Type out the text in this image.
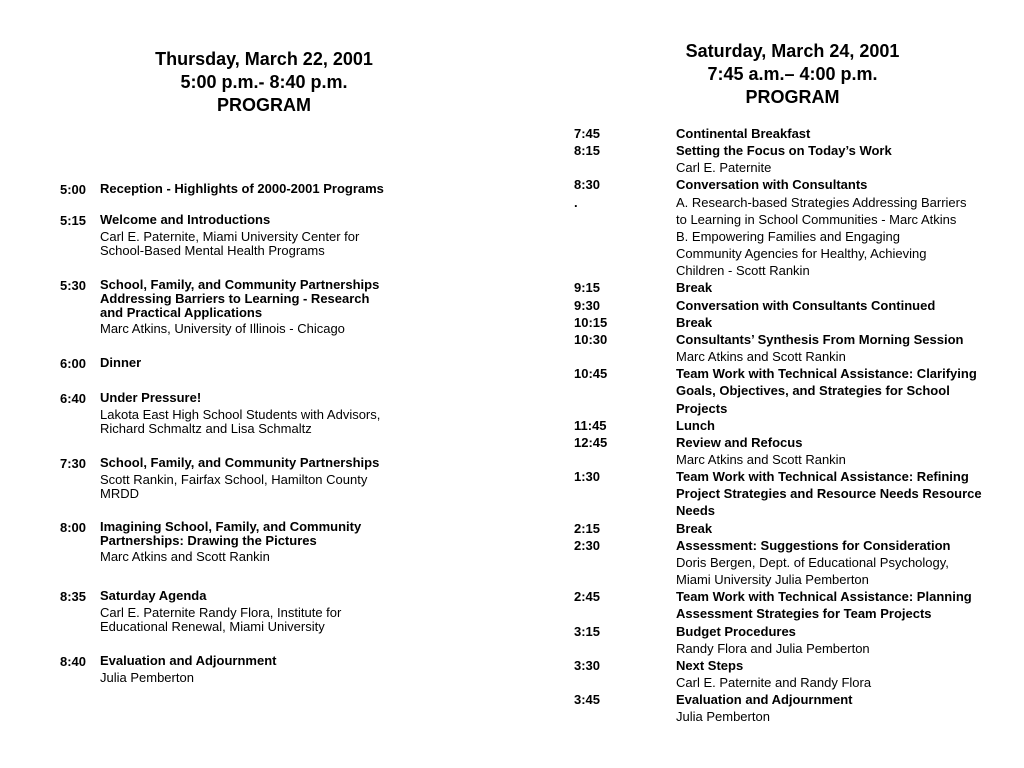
Thursday, March 22, 2001
5:00 p.m.- 8:40 p.m.
PROGRAM
5:00	Reception - Highlights of 2000-2001 Programs
5:15	Welcome and Introductions
Carl E. Paternite, Miami University Center for
School-Based Mental Health Programs
5:30	School, Family, and Community Partnerships
Addressing Barriers to Learning - Research
and Practical Applications
Marc Atkins, University of Illinois - Chicago
6:00	Dinner
6:40	Under Pressure!
Lakota East High School Students with Advisors,
Richard Schmaltz and Lisa Schmaltz
7:30	School, Family, and Community Partnerships
Scott Rankin, Fairfax School, Hamilton County
MRDD
8:00	Imagining School, Family, and Community
Partnerships: Drawing the Pictures
Marc Atkins and Scott Rankin
8:35	Saturday Agenda
Carl E. Paternite Randy Flora, Institute for
Educational Renewal, Miami University
8:40	Evaluation and Adjournment
Julia Pemberton
Saturday, March 24, 2001
7:45 a.m.– 4:00 p.m.
PROGRAM
7:45	Continental Breakfast
8:15	Setting the Focus on Today’s Work
Carl E. Paternite
8:30	Conversation with Consultants
.	A. Research-based Strategies Addressing Barriers
to Learning in School Communities - Marc Atkins
B. Empowering Families and Engaging
Community Agencies for Healthy, Achieving
Children - Scott Rankin
9:15	Break
9:30	Conversation with Consultants Continued
10:15	Break
10:30	Consultants’ Synthesis From Morning Session
Marc Atkins and Scott Rankin
10:45	Team Work with Technical Assistance: Clarifying
Goals, Objectives, and Strategies for School
Projects
11:45	Lunch
12:45	Review and Refocus
Marc Atkins and Scott Rankin
1:30	Team Work with Technical Assistance: Refining
Project Strategies and Resource Needs Resource
Needs
2:15	Break
2:30	Assessment: Suggestions for Consideration
Doris Bergen, Dept. of Educational Psychology,
Miami University Julia Pemberton
2:45	Team Work with Technical Assistance: Planning
Assessment Strategies for Team Projects
3:15	Budget Procedures
Randy Flora and Julia Pemberton
3:30	Next Steps
Carl E. Paternite and Randy Flora
3:45	Evaluation and Adjournment
Julia Pemberton
